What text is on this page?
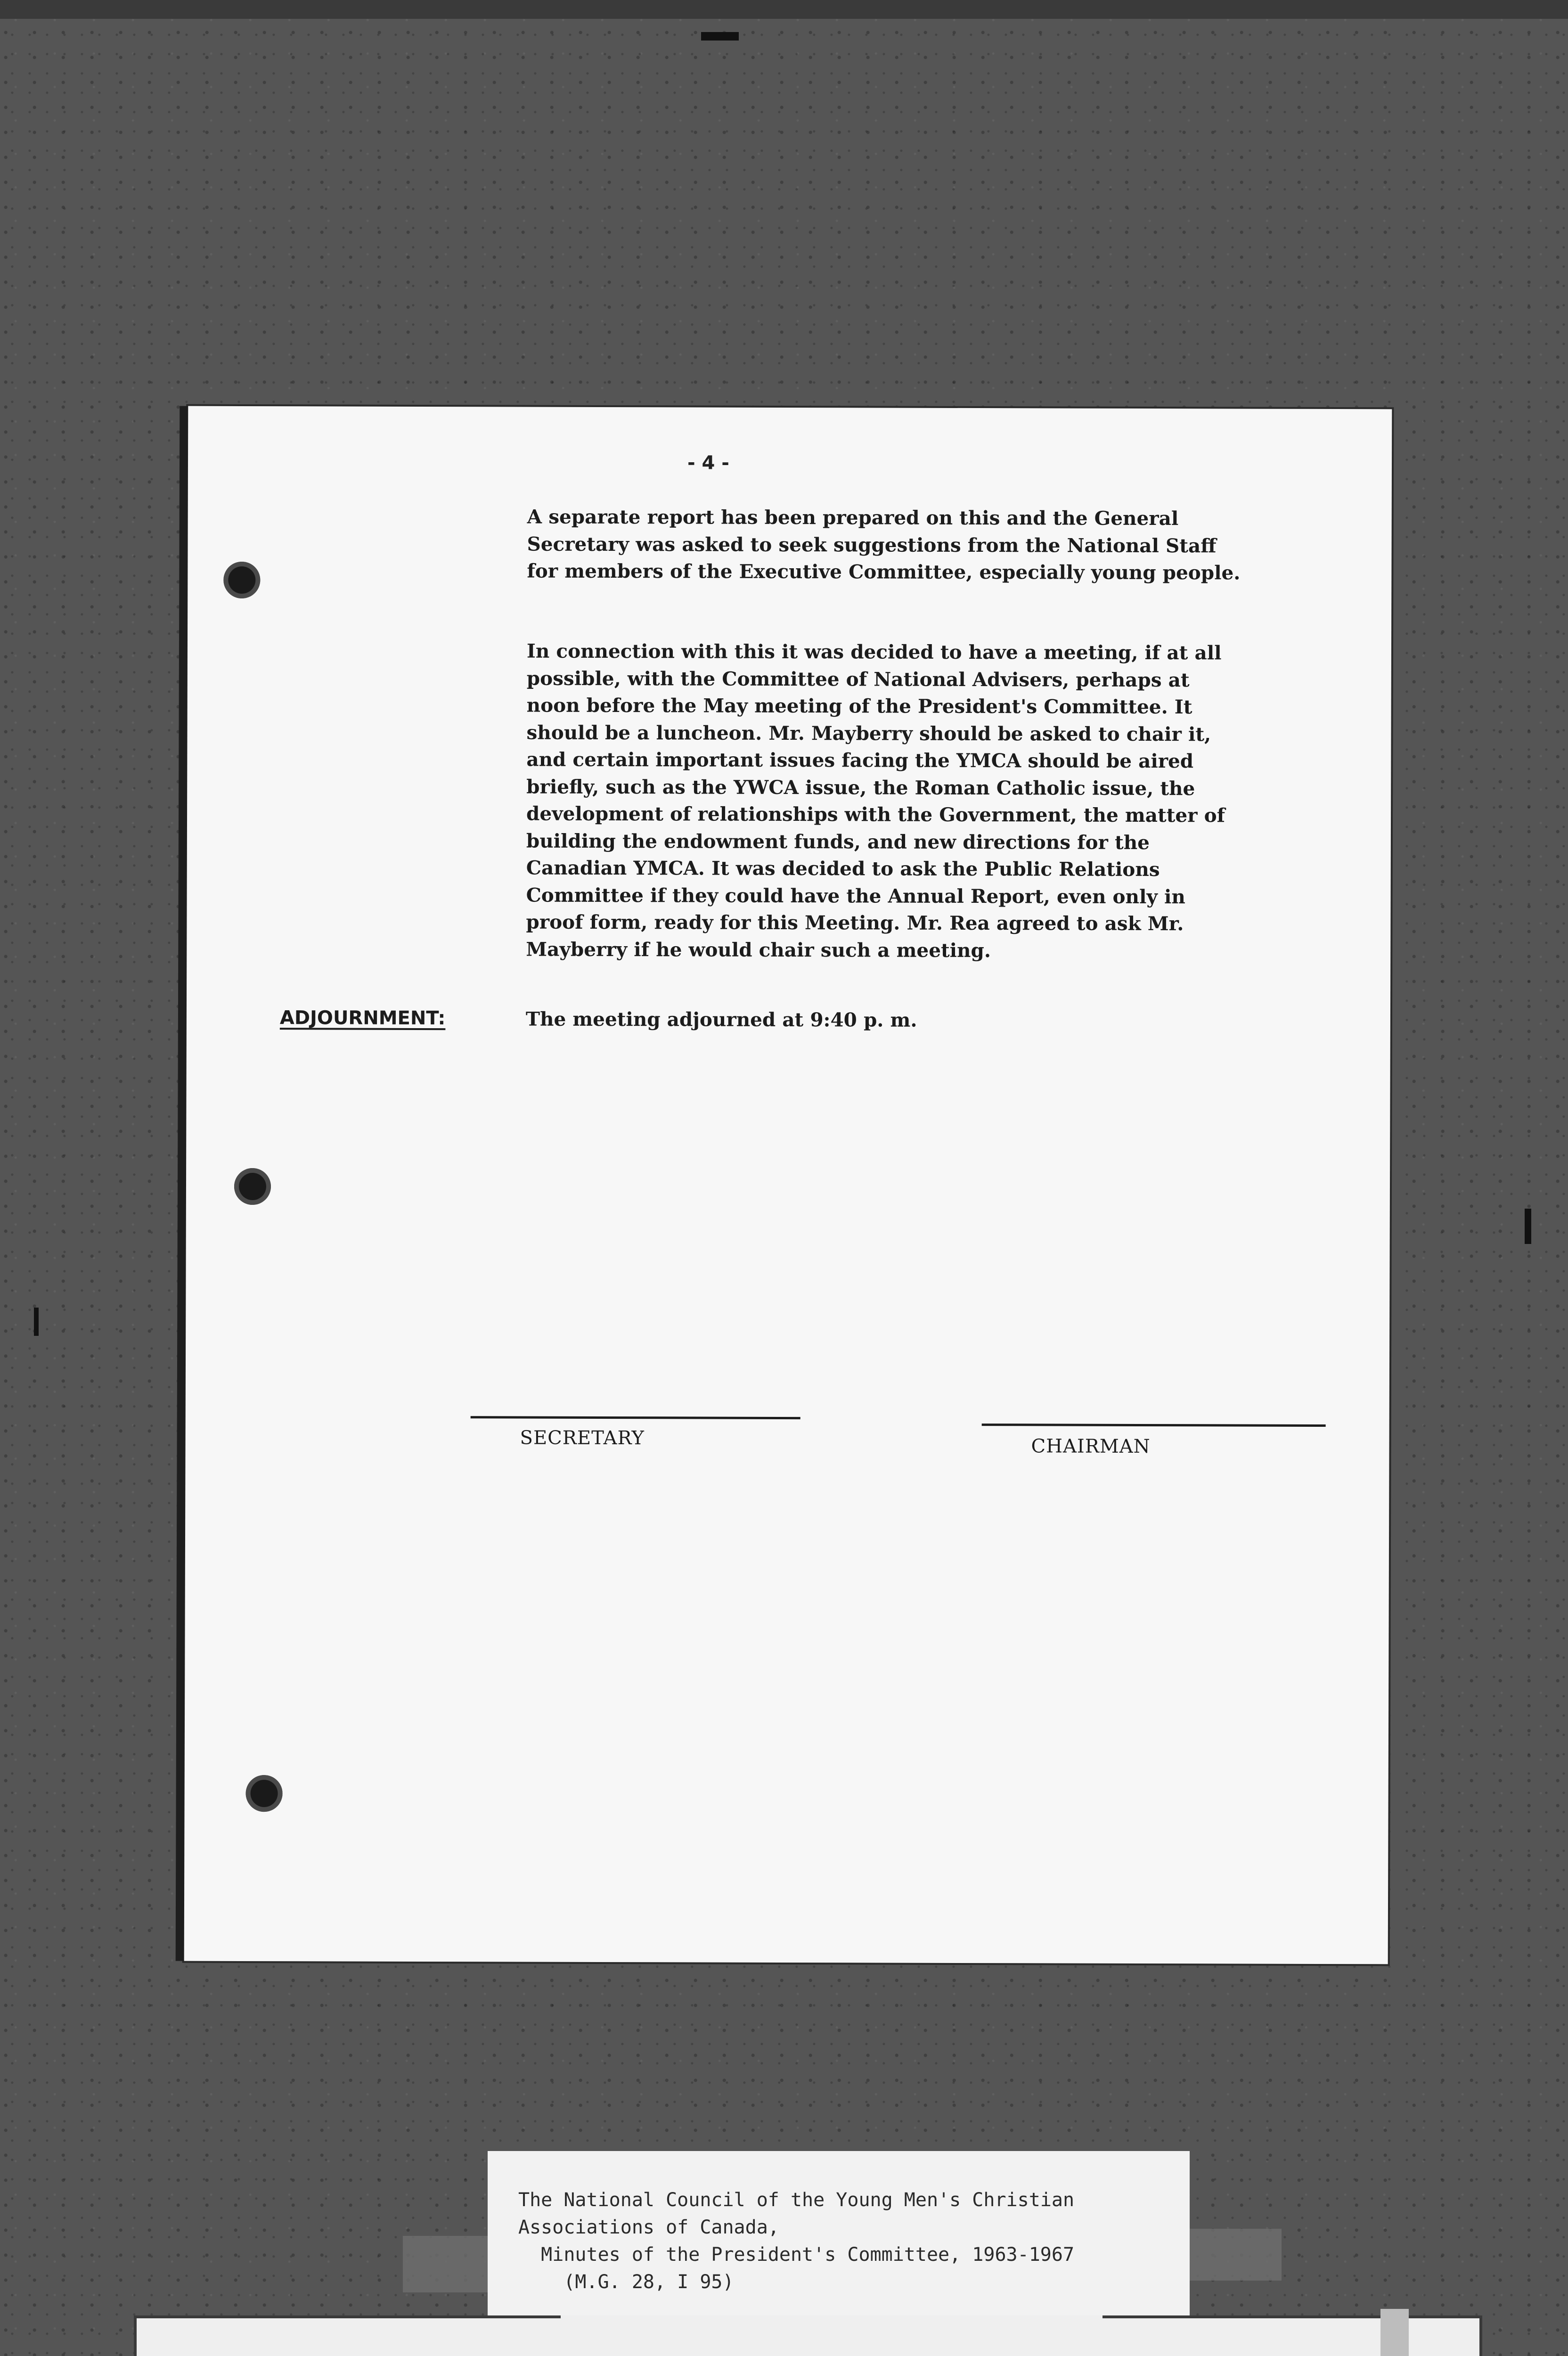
- 4 -
A separate report has been prepared on this and the General Secretary was asked to seek suggestions from the National Staff for members of the Executive Committee, especially young people.
In connection with this it was decided to have a meeting, if at all possible, with the Committee of National Advisers, perhaps at noon before the May meeting of the President's Committee. It should be a luncheon. Mr. Mayberry should be asked to chair it, and certain important issues facing the YMCA should be aired briefly, such as the YWCA issue, the Roman Catholic issue, the development of relationships with the Government, the matter of building the endowment funds, and new directions for the Canadian YMCA. It was decided to ask the Public Relations Committee if they could have the Annual Report, even only in proof form, ready for this Meeting. Mr. Rea agreed to ask Mr. Mayberry if he would chair such a meeting.
ADJOURNMENT:	The meeting adjourned at 9:40 p. m.
SECRETARY	CHAIRMAN
The National Council of the Young Men's Christian
Associations of Canada,
Minutes of the President's Committee, 1963-1967
(M.G. 28, I 95)
